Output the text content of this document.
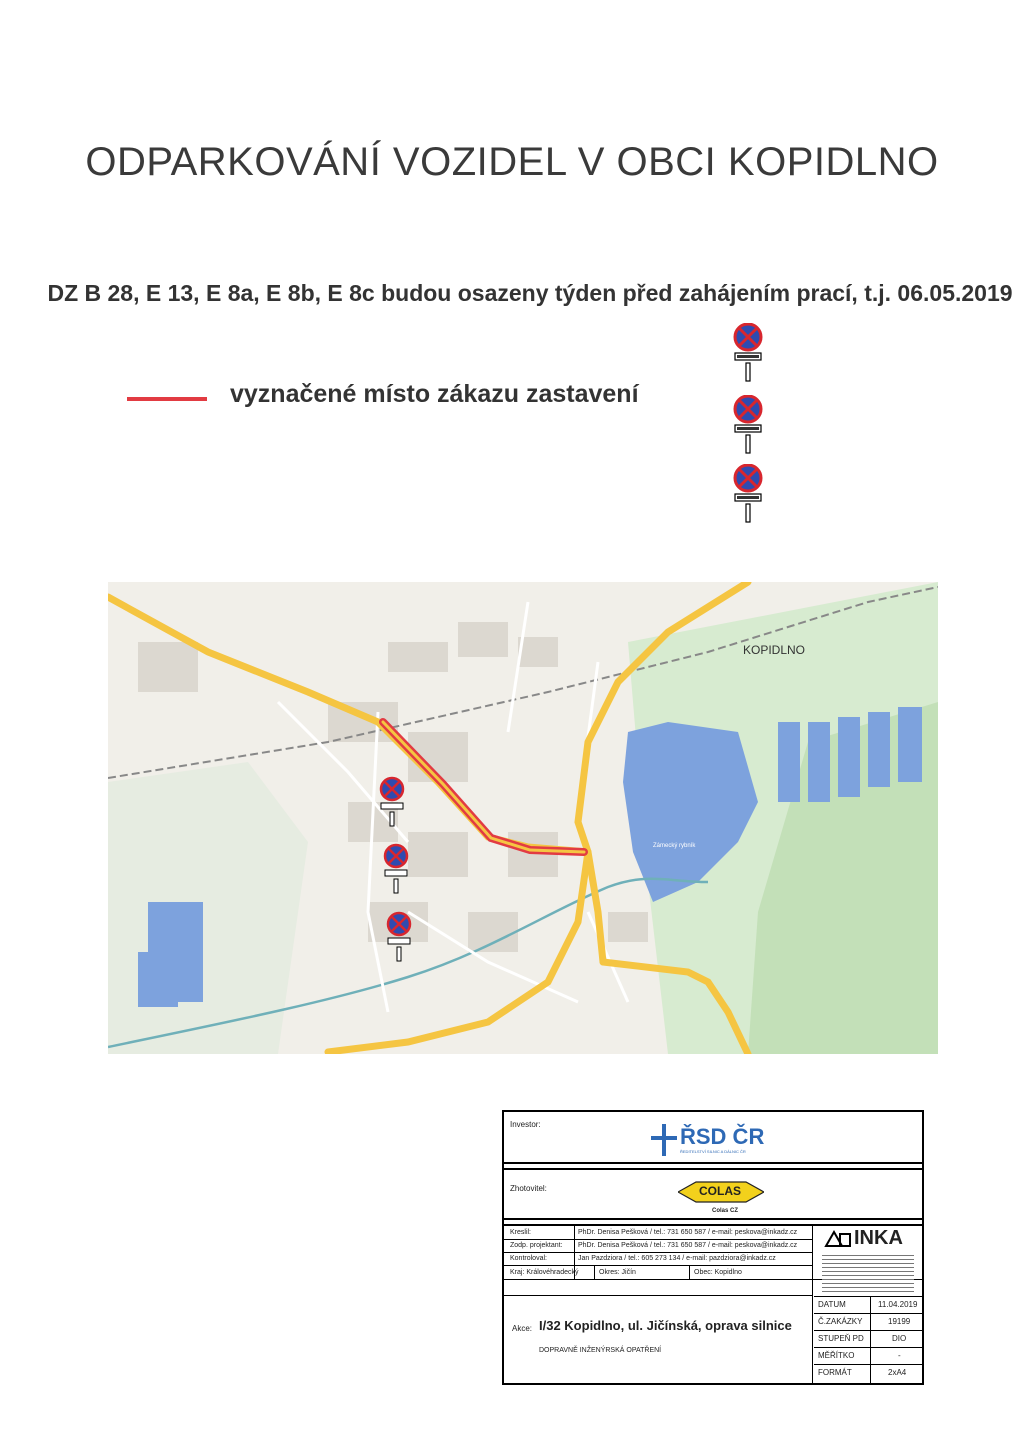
ODPARKOVÁNÍ VOZIDEL V OBCI KOPIDLNO
DZ B 28, E 13, E 8a, E 8b, E 8c budou osazeny týden před zahájením prací, t.j. 06.05.2019
vyznačené místo zákazu zastavení
KOPIDLNO
Zámecký rybník
Investor:	ŘSD ČR
ŘEDITELSTVÍ SILNIC A DÁLNIC ČR
Zhotovitel:	COLAS
Colas CZ
Kreslil:	PhDr. Denisa Pešková / tel.: 731 650 587 / e-mail: peskova@inkadz.cz
Zodp. projektant: PhDr. Denisa Pešková / tel.: 731 650 587 / e-mail: peskova@inkadz.cz
Kontroloval:	Jan Pazdziora / tel.: 605 273 134 / e-mail: pazdziora@inkadz.cz
Kraj: Královéhradecký	Okres: Jičín	Obec: Kopidlno
INKA
Akce: I/32 Kopidlno, ul. Jičínská, oprava silnice
DOPRAVNĚ INŽENÝRSKÁ OPATŘENÍ
DATUM	11.04.2019
Č.ZAKÁZKY	19199
STUPEŇ PD	DIO
MĚŘÍTKO	-
FORMÁT	2xA4
